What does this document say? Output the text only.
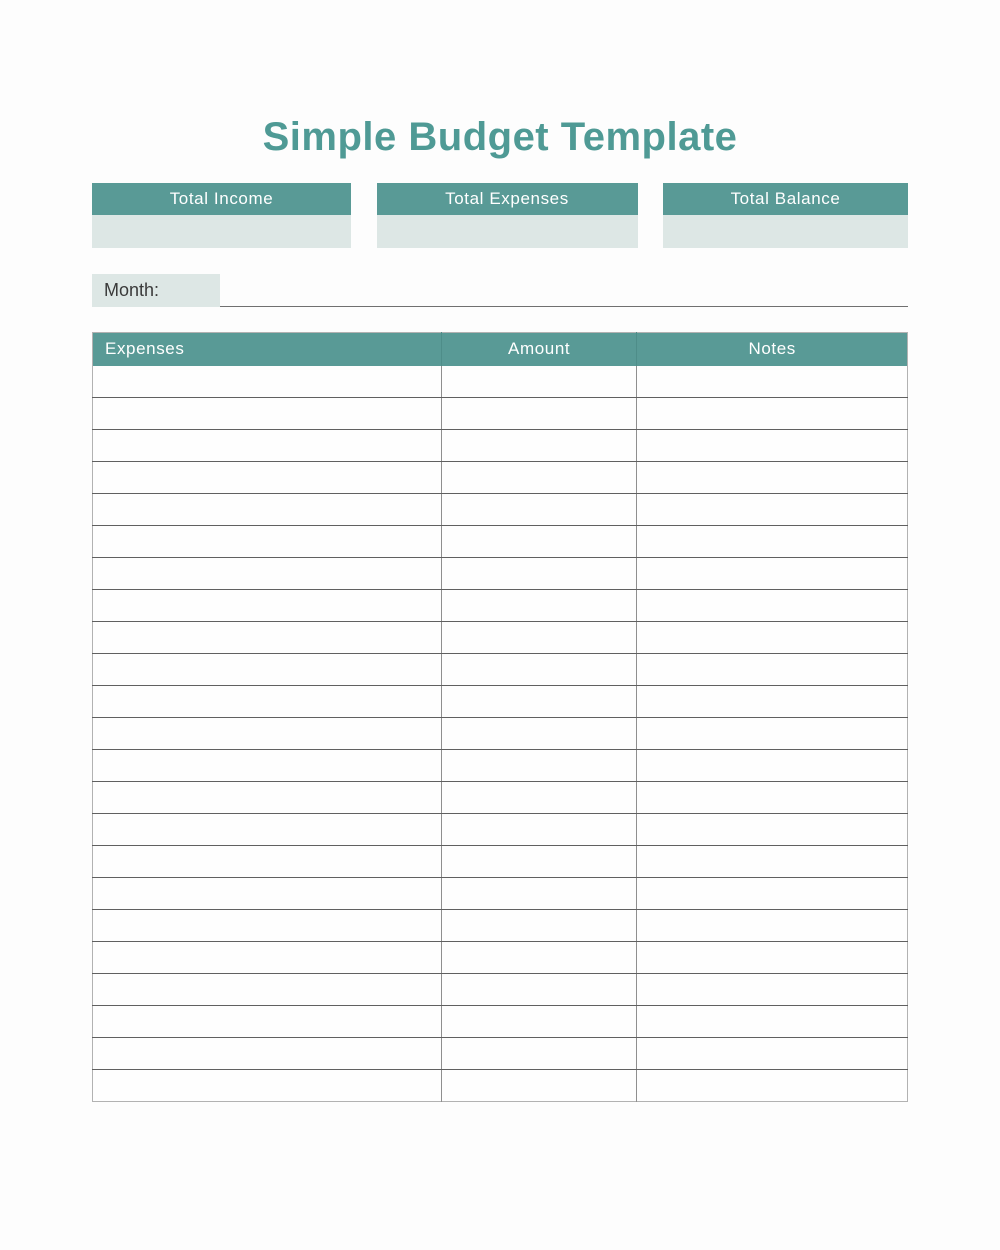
Simple Budget Template
Total Income	Total Expenses	Total Balance
Month:
Expenses	Amount	Notes
